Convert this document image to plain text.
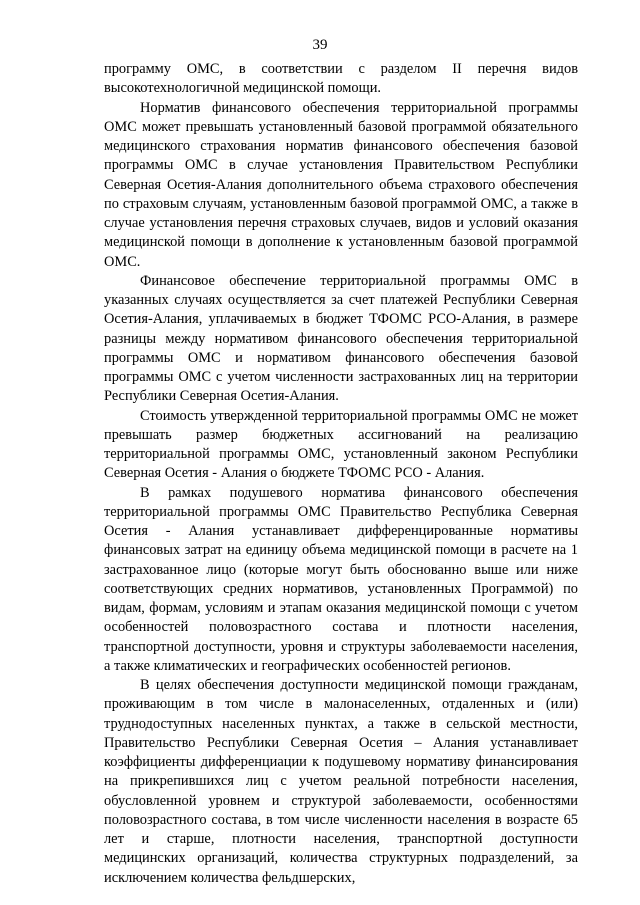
39

программу ОМС, в соответствии с разделом II перечня видов высокотехнологичной медицинской помощи.

Норматив финансового обеспечения территориальной программы ОМС может превышать установленный базовой программой обязательного медицинского страхования норматив финансового обеспечения базовой программы ОМС в случае установления Правительством Республики Северная Осетия-Алания дополнительного объема страхового обеспечения по страховым случаям, установленным базовой программой ОМС, а также в случае установления перечня страховых случаев, видов и условий оказания медицинской помощи в дополнение к установленным базовой программой ОМС.

Финансовое обеспечение территориальной программы ОМС в указанных случаях осуществляется за счет платежей Республики Северная Осетия-Алания, уплачиваемых в бюджет ТФОМС РСО-Алания, в размере разницы между нормативом финансового обеспечения территориальной программы ОМС и нормативом финансового обеспечения базовой программы ОМС с учетом численности застрахованных лиц на территории Республики Северная Осетия-Алания.

Стоимость утвержденной территориальной программы ОМС не может превышать размер бюджетных ассигнований на реализацию территориальной программы ОМС, установленный законом Республики Северная Осетия - Алания о бюджете ТФОМС РСО - Алания.

В рамках подушевого норматива финансового обеспечения территориальной программы ОМС Правительство Республика Северная Осетия - Алания устанавливает дифференцированные нормативы финансовых затрат на единицу объема медицинской помощи в расчете на 1 застрахованное лицо (которые могут быть обоснованно выше или ниже соответствующих средних нормативов, установленных Программой) по видам, формам, условиям и этапам оказания медицинской помощи с учетом особенностей половозрастного состава и плотности населения, транспортной доступности, уровня и структуры заболеваемости населения, а также климатических и географических особенностей регионов.

В целях обеспечения доступности медицинской помощи гражданам, проживающим в том числе в малонаселенных, отдаленных и (или) труднодоступных населенных пунктах, а также в сельской местности, Правительство Республики Северная Осетия – Алания устанавливает коэффициенты дифференциации к подушевому нормативу финансирования на прикрепившихся лиц с учетом реальной потребности населения, обусловленной уровнем и структурой заболеваемости, особенностями половозрастного состава, в том числе численности населения в возрасте 65 лет и старше, плотности населения, транспортной доступности медицинских организаций, количества структурных подразделений, за исключением количества фельдшерских,
